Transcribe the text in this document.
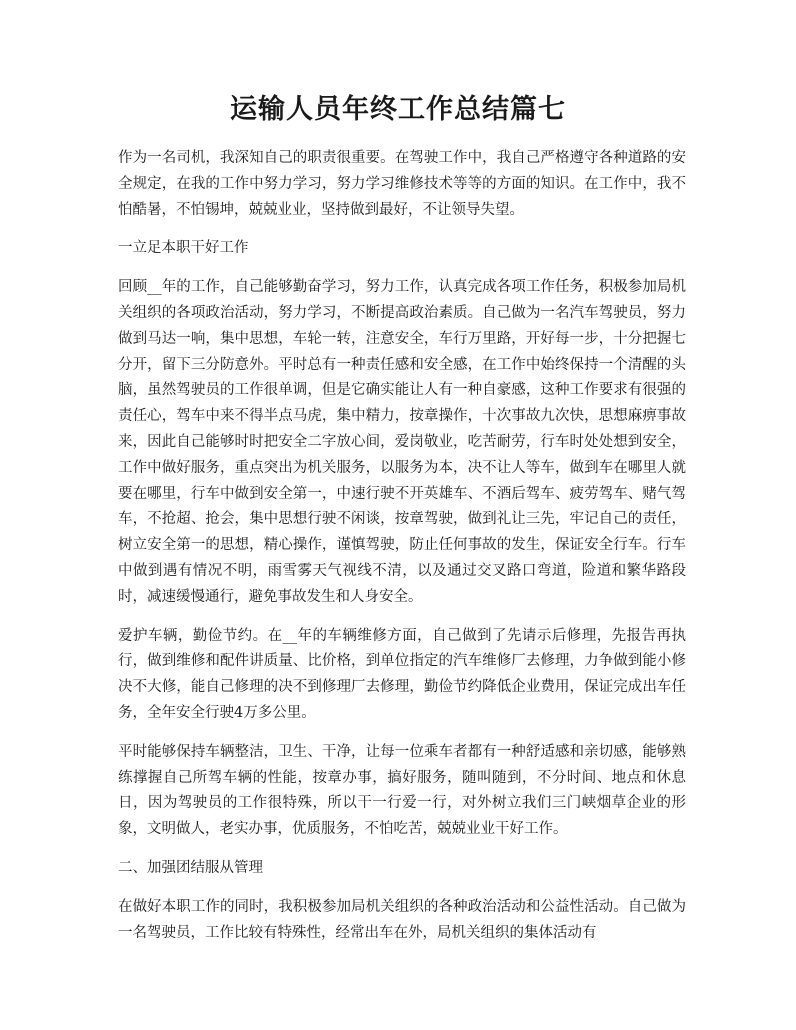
运输人员年终工作总结篇七

作为一名司机，我深知自己的职责很重要。在驾驶工作中，我自己严格遵守各种道路的安全规定，在我的工作中努力学习，努力学习维修技术等等的方面的知识。在工作中，我不怕酷暑，不怕锡坤，兢兢业业，坚持做到最好，不让领导失望。

一立足本职干好工作

回顾__年的工作，自己能够勤奋学习，努力工作，认真完成各项工作任务，积极参加局机关组织的各项政治活动，努力学习，不断提高政治素质。自己做为一名汽车驾驶员，努力做到马达一响，集中思想，车轮一转，注意安全，车行万里路，开好每一步，十分把握七分开，留下三分防意外。平时总有一种责任感和安全感，在工作中始终保持一个清醒的头脑，虽然驾驶员的工作很单调，但是它确实能让人有一种自豪感，这种工作要求有很强的责任心，驾车中来不得半点马虎，集中精力，按章操作，十次事故九次快，思想麻痹事故来，因此自己能够时时把安全二字放心间，爱岗敬业，吃苦耐劳，行车时处处想到安全，工作中做好服务，重点突出为机关服务，以服务为本，决不让人等车，做到车在哪里人就要在哪里，行车中做到安全第一，中速行驶不开英雄车、不酒后驾车、疲劳驾车、赌气驾车，不抢超、抢会，集中思想行驶不闲谈，按章驾驶，做到礼让三先，牢记自己的责任，树立安全第一的思想，精心操作，谨慎驾驶，防止任何事故的发生，保证安全行车。行车中做到遇有情况不明，雨雪雾天气视线不清，以及通过交叉路口弯道，险道和繁华路段时，减速缓慢通行，避免事故发生和人身安全。

爱护车辆，勤俭节约。在__年的车辆维修方面，自己做到了先请示后修理，先报告再执行，做到维修和配件讲质量、比价格，到单位指定的汽车维修厂去修理，力争做到能小修决不大修，能自己修理的决不到修理厂去修理，勤俭节约降低企业费用，保证完成出车任务，全年安全行驶4万多公里。

平时能够保持车辆整洁，卫生、干净，让每一位乘车者都有一种舒适感和亲切感，能够熟练撑握自己所驾车辆的性能，按章办事，搞好服务，随叫随到，不分时间、地点和休息日，因为驾驶员的工作很特殊，所以干一行爱一行，对外树立我们三门峡烟草企业的形象，文明做人，老实办事，优质服务，不怕吃苦，兢兢业业干好工作。

二、加强团结服从管理

在做好本职工作的同时，我积极参加局机关组织的各种政治活动和公益性活动。自己做为一名驾驶员，工作比较有特殊性，经常出车在外，局机关组织的集体活动有
